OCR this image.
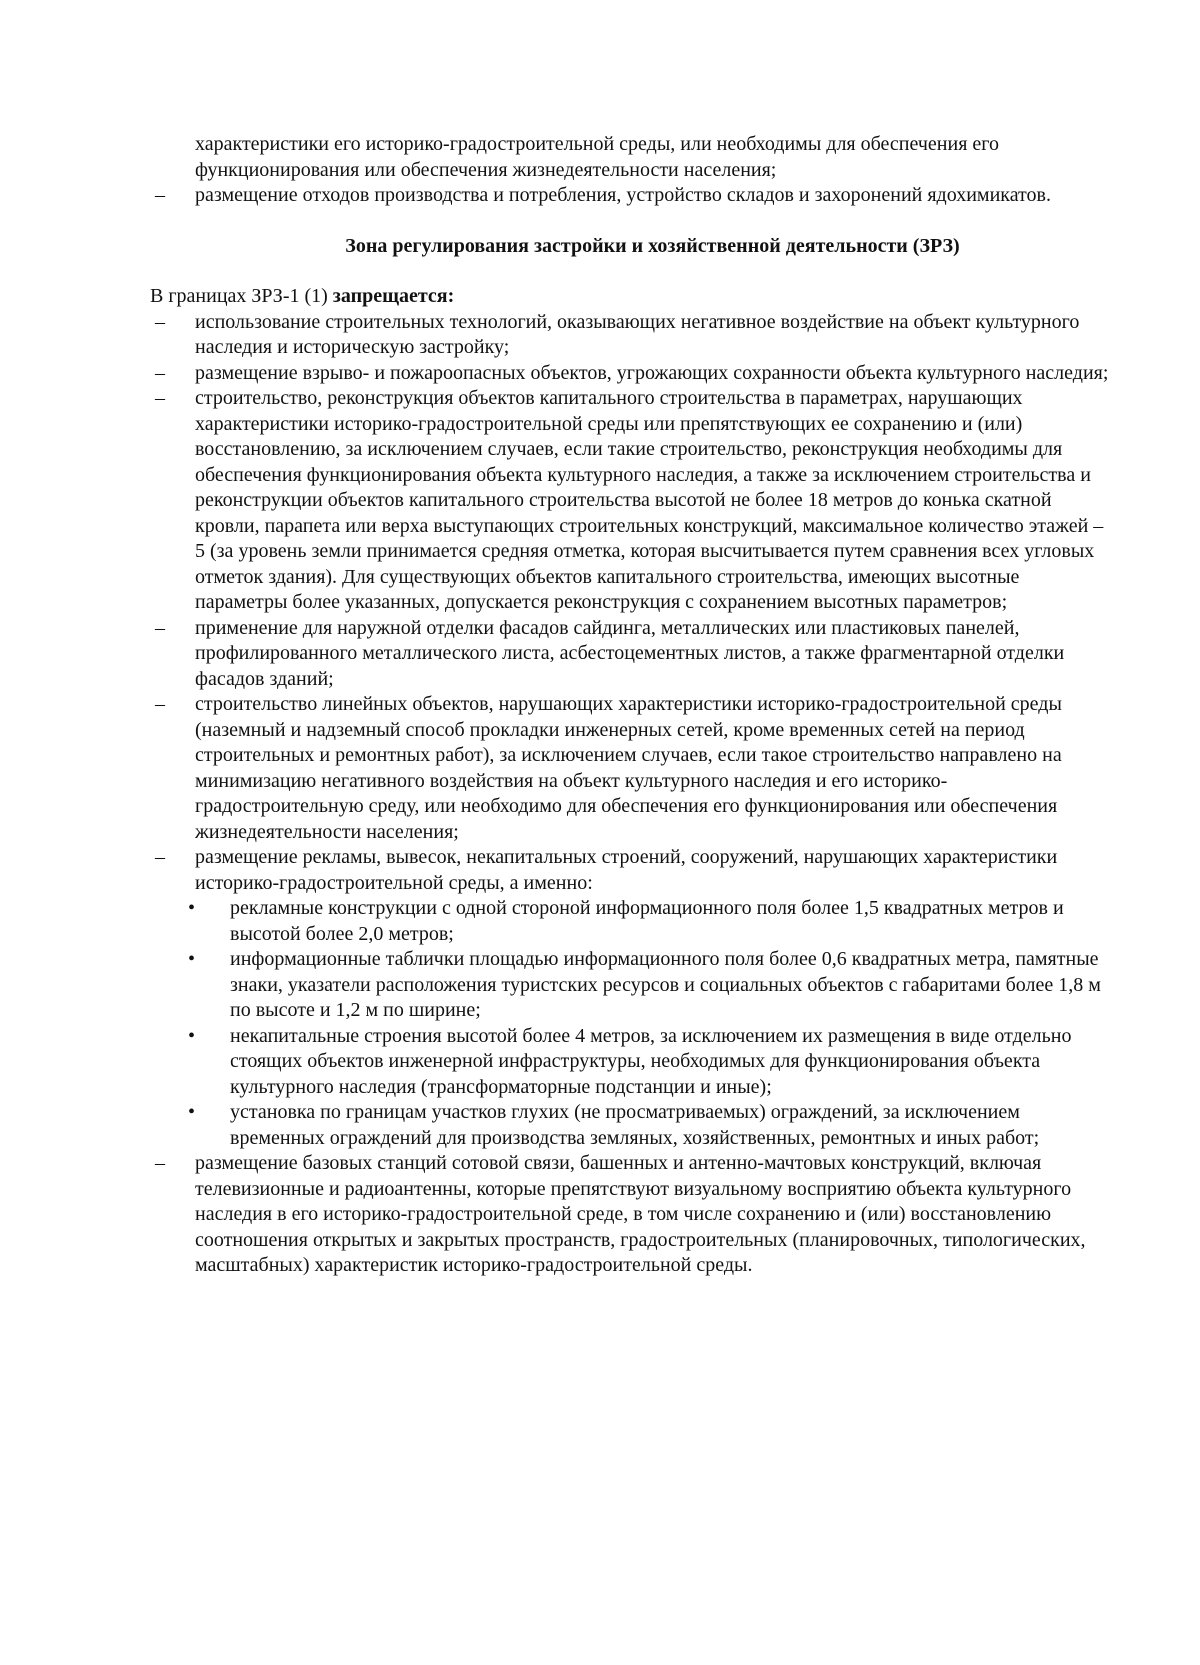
характеристики его историко-градостроительной среды, или необходимы для обеспечения его функционирования или обеспечения жизнедеятельности населения;
– размещение отходов производства и потребления, устройство складов и захоронений ядохимикатов.
Зона регулирования застройки и хозяйственной деятельности (ЗРЗ)
В границах ЗРЗ-1 (1) запрещается:
– использование строительных технологий, оказывающих негативное воздействие на объект культурного наследия и историческую застройку;
– размещение взрыво- и пожароопасных объектов, угрожающих сохранности объекта культурного наследия;
– строительство, реконструкция объектов капитального строительства в параметрах, нарушающих характеристики историко-градостроительной среды или препятствующих ее сохранению и (или) восстановлению, за исключением случаев, если такие строительство, реконструкция необходимы для обеспечения функционирования объекта культурного наследия, а также за исключением строительства и реконструкции объектов капитального строительства высотой не более 18 метров до конька скатной кровли, парапета или верха выступающих строительных конструкций, максимальное количество этажей – 5 (за уровень земли принимается средняя отметка, которая высчитывается путем сравнения всех угловых отметок здания). Для существующих объектов капитального строительства, имеющих высотные параметры более указанных, допускается реконструкция с сохранением высотных параметров;
– применение для наружной отделки фасадов сайдинга, металлических или пластиковых панелей, профилированного металлического листа, асбестоцементных листов, а также фрагментарной отделки фасадов зданий;
– строительство линейных объектов, нарушающих характеристики историко-градостроительной среды (наземный и надземный способ прокладки инженерных сетей, кроме временных сетей на период строительных и ремонтных работ), за исключением случаев, если такое строительство направлено на минимизацию негативного воздействия на объект культурного наследия и его историко-градостроительную среду, или необходимо для обеспечения его функционирования или обеспечения жизнедеятельности населения;
– размещение рекламы, вывесок, некапитальных строений, сооружений, нарушающих характеристики историко-градостроительной среды, а именно:
• рекламные конструкции с одной стороной информационного поля более 1,5 квадратных метров и высотой более 2,0 метров;
• информационные таблички площадью информационного поля более 0,6 квадратных метра, памятные знаки, указатели расположения туристских ресурсов и социальных объектов с габаритами более 1,8 м по высоте и 1,2 м по ширине;
• некапитальные строения высотой более 4 метров, за исключением их размещения в виде отдельно стоящих объектов инженерной инфраструктуры, необходимых для функционирования объекта культурного наследия (трансформаторные подстанции и иные);
• установка по границам участков глухих (не просматриваемых) ограждений, за исключением временных ограждений для производства земляных, хозяйственных, ремонтных и иных работ;
– размещение базовых станций сотовой связи, башенных и антенно-мачтовых конструкций, включая телевизионные и радиоантенны, которые препятствуют визуальному восприятию объекта культурного наследия в его историко-градостроительной среде, в том числе сохранению и (или) восстановлению соотношения открытых и закрытых пространств, градостроительных (планировочных, типологических, масштабных) характеристик историко-градостроительной среды.
